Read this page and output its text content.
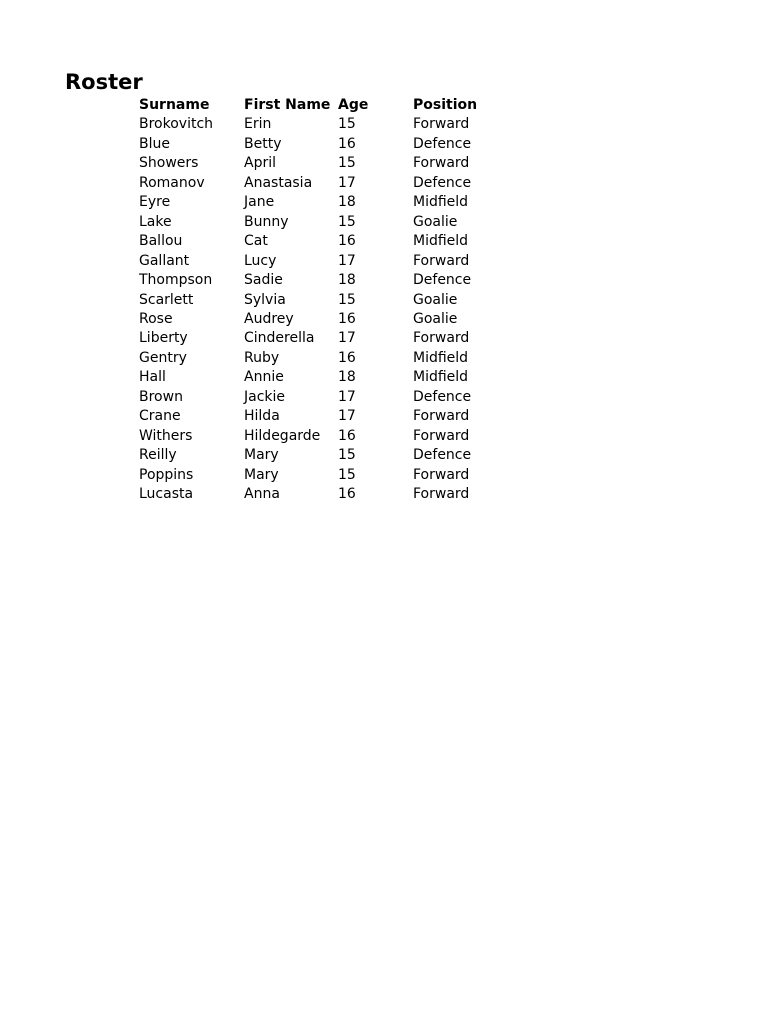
Roster
Surname	First Name	Age	Position
Brokovitch	Erin	15	Forward
Blue	Betty	16	Defence
Showers	April	15	Forward
Romanov	Anastasia	17	Defence
Eyre	Jane	18	Midfield
Lake	Bunny	15	Goalie
Ballou	Cat	16	Midfield
Gallant	Lucy	17	Forward
Thompson	Sadie	18	Defence
Scarlett	Sylvia	15	Goalie
Rose	Audrey	16	Goalie
Liberty	Cinderella	17	Forward
Gentry	Ruby	16	Midfield
Hall	Annie	18	Midfield
Brown	Jackie	17	Defence
Crane	Hilda	17	Forward
Withers	Hildegarde	16	Forward
Reilly	Mary	15	Defence
Poppins	Mary	15	Forward
Lucasta	Anna	16	Forward
